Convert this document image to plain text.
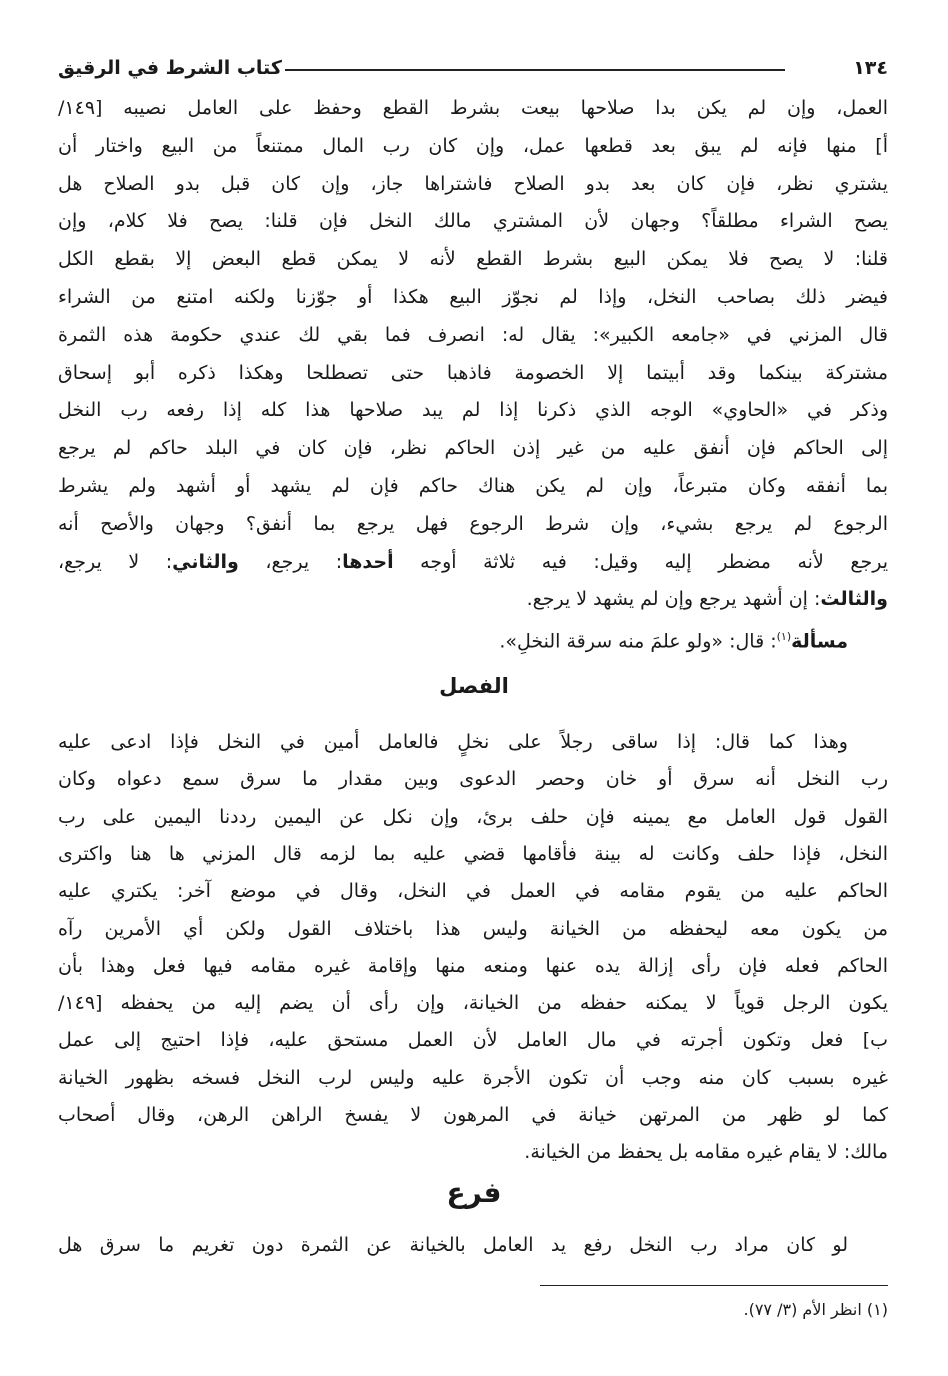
١٣٤
كتاب الشرط في الرقيق
العمل، وإن لم يكن بدا صلاحها بيعت بشرط القطع وحفظ على العامل نصيبه [١٤٩/
أ] منها فإنه لم يبق بعد قطعها عمل، وإن كان رب المال ممتنعاً من البيع واختار أن
يشتري نظر، فإن كان بعد بدو الصلاح فاشتراها جاز، وإن كان قبل بدو الصلاح هل
يصح الشراء مطلقاً؟ وجهان لأن المشتري مالك النخل فإن قلنا: يصح فلا كلام، وإن
قلنا: لا يصح فلا يمكن البيع بشرط القطع لأنه لا يمكن قطع البعض إلا بقطع الكل
فيضر ذلك بصاحب النخل، وإذا لم نجوّز البيع هكذا أو جوّزنا ولكنه امتنع من الشراء
قال المزني في «جامعه الكبير»: يقال له: انصرف فما بقي لك عندي حكومة هذه الثمرة
مشتركة بينكما وقد أبيتما إلا الخصومة فاذهبا حتى تصطلحا وهكذا ذكره أبو إسحاق
وذكر في «الحاوي» الوجه الذي ذكرنا إذا لم يبد صلاحها هذا كله إذا رفعه رب النخل
إلى الحاكم فإن أنفق عليه من غير إذن الحاكم نظر، فإن كان في البلد حاكم لم يرجع
بما أنفقه وكان متبرعاً، وإن لم يكن هناك حاكم فإن لم يشهد أو أشهد ولم يشرط
الرجوع لم يرجع بشيء، وإن شرط الرجوع فهل يرجع بما أنفق؟ وجهان والأصح أنه
يرجع لأنه مضطر إليه وقيل: فيه ثلاثة أوجه أحدها: يرجع، والثاني: لا يرجع،
والثالث: إن أشهد يرجع وإن لم يشهد لا يرجع.
وهذا كما قال: إذا ساقى رجلاً على نخلٍ فالعامل أمين في النخل فإذا ادعى عليه
رب النخل أنه سرق أو خان وحصر الدعوى وبين مقدار ما سرق سمع دعواه وكان
القول قول العامل مع يمينه فإن حلف برئ، وإن نكل عن اليمين رددنا اليمين على رب
النخل، فإذا حلف وكانت له بينة فأقامها قضي عليه بما لزمه قال المزني ها هنا واكترى
الحاكم عليه من يقوم مقامه في العمل في النخل، وقال في موضع آخر: يكتري عليه
من يكون معه ليحفظه من الخيانة وليس هذا باختلاف القول ولكن أي الأمرين رآه
الحاكم فعله فإن رأى إزالة يده عنها ومنعه منها وإقامة غيره مقامه فيها فعل وهذا بأن
يكون الرجل قوياً لا يمكنه حفظه من الخيانة، وإن رأى أن يضم إليه من يحفظه [١٤٩/
ب] فعل وتكون أجرته في مال العامل لأن العمل مستحق عليه، فإذا احتيج إلى عمل
غيره بسبب كان منه وجب أن تكون الأجرة عليه وليس لرب النخل فسخه بظهور الخيانة
كما لو ظهر من المرتهن خيانة في المرهون لا يفسخ الراهن الرهن، وقال أصحاب
مالك: لا يقام غيره مقامه بل يحفظ من الخيانة.
لو كان مراد رب النخل رفع يد العامل بالخيانة عن الثمرة دون تغريم ما سرق هل
مسألة$^{(١)}$: قال: «ولو علمَ منه سرقة النخلِ».
الفصل
فرع
(١) انظر الأم (٣/ ٧٧).
